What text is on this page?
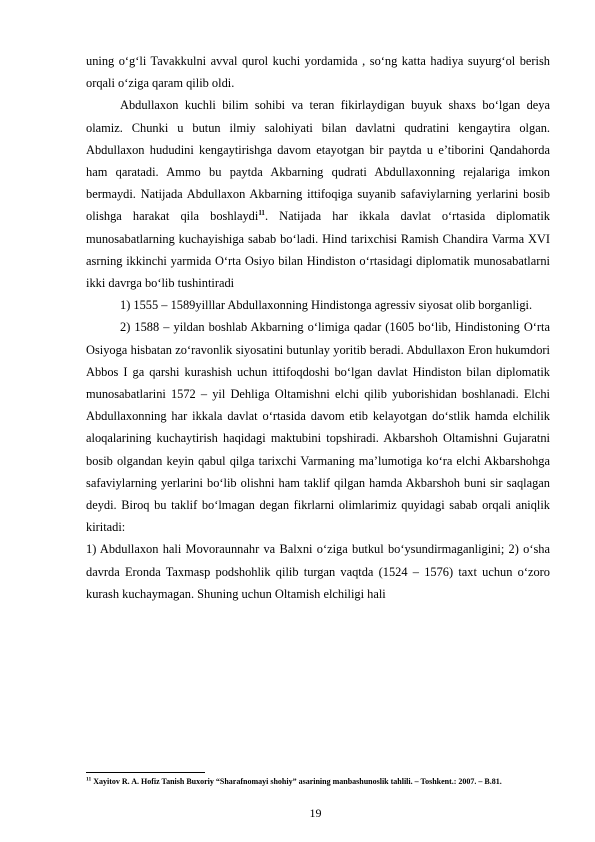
uning o‘g‘li Tavakkulni avval qurol kuchi yordamida , so‘ng katta hadiya suyurg‘ol berish orqali o‘ziga qaram qilib oldi.

Abdullaxon kuchli bilim sohibi va teran fikirlaydigan buyuk shaxs bo‘lgan deya olamiz. Chunki u butun ilmiy salohiyati bilan davlatni qudratini kengaytira olgan. Abdullaxon hududini kengaytirishga davom etayotgan bir paytda u e’tiborini Qandahorda ham qaratadi. Ammo bu paytda Akbarning qudrati Abdullaxonning rejalariga imkon bermaydi. Natijada Abdullaxon Akbarning ittifoqiga suyanib safaviylarning yerlarini bosib olishga harakat qila boshlaydi$^{11}$. Natijada har ikkala davlat o‘rtasida diplomatik munosabatlarning kuchayishiga sabab bo‘ladi. Hind tarixchisi Ramish Chandira Varma XVI asrning ikkinchi yarmida O‘rta Osiyo bilan Hindiston o‘rtasidagi diplomatik munosabatlarni ikki davrga bo‘lib tushintiradi

1) 1555 – 1589yilllar Abdullaxonning Hindistonga agressiv siyosat olib borganligi.

2) 1588 – yildan boshlab Akbarning o‘limiga qadar (1605 bo‘lib, Hindistoning O‘rta Osiyoga hisbatan zo‘ravonlik siyosatini butunlay yoritib beradi. Abdullaxon Eron hukumdori Abbos I ga qarshi kurashish uchun ittifoqdoshi bo‘lgan davlat Hindiston bilan diplomatik munosabatlarini 1572 – yil Dehliga Oltamishni elchi qilib yuborishidan boshlanadi. Elchi Abdullaxonning har ikkala davlat o‘rtasida davom etib kelayotgan do‘stlik hamda elchilik aloqalarining kuchaytirish haqidagi maktubini topshiradi. Akbarshoh Oltamishni Gujaratni bosib olgandan keyin qabul qilga tarixchi Varmaning ma’lumotiga ko‘ra elchi Akbarshohga safaviylarning yerlarini bo‘lib olishni ham taklif qilgan hamda Akbarshoh buni sir saqlagan deydi. Biroq bu taklif bo‘lmagan degan fikrlarni olimlarimiz quyidagi sabab orqali aniqlik kiritadi:

1) Abdullaxon hali Movoraunnahr va Balxni o‘ziga butkul bo‘ysundirmaganligini; 2) o‘sha davrda Eronda Taxmasp podshohlik qilib turgan vaqtda (1524 – 1576) taxt uchun o‘zoro kurash kuchaymagan. Shuning uchun Oltamish elchiligi hali

$^{11}$ Xayitov R. A. Hofiz Tanish Buxoriy “Sharafnomayi shohiy” asarining manbashunoslik tahlili. – Toshkent.: 2007. – B.81.

19
